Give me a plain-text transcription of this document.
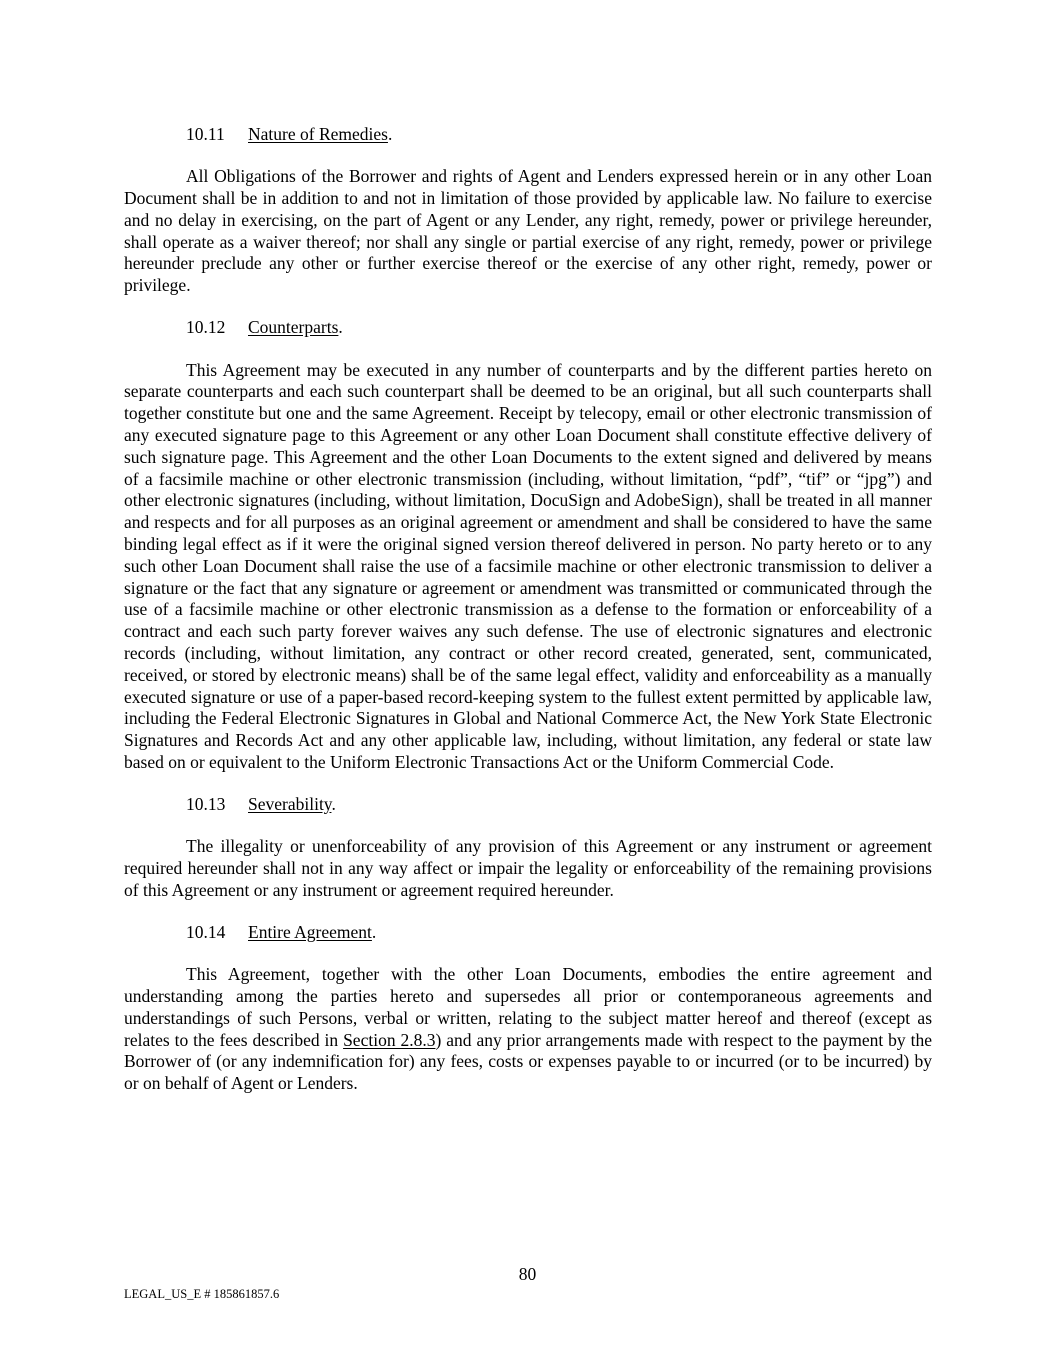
10.11 Nature of Remedies.

All Obligations of the Borrower and rights of Agent and Lenders expressed herein or in any other Loan Document shall be in addition to and not in limitation of those provided by applicable law. No failure to exercise and no delay in exercising, on the part of Agent or any Lender, any right, remedy, power or privilege hereunder, shall operate as a waiver thereof; nor shall any single or partial exercise of any right, remedy, power or privilege hereunder preclude any other or further exercise thereof or the exercise of any other right, remedy, power or privilege.

10.12 Counterparts.

This Agreement may be executed in any number of counterparts and by the different parties hereto on separate counterparts and each such counterpart shall be deemed to be an original, but all such counterparts shall together constitute but one and the same Agreement. Receipt by telecopy, email or other electronic transmission of any executed signature page to this Agreement or any other Loan Document shall constitute effective delivery of such signature page. This Agreement and the other Loan Documents to the extent signed and delivered by means of a facsimile machine or other electronic transmission (including, without limitation, “pdf”, “tif” or “jpg”) and other electronic signatures (including, without limitation, DocuSign and AdobeSign), shall be treated in all manner and respects and for all purposes as an original agreement or amendment and shall be considered to have the same binding legal effect as if it were the original signed version thereof delivered in person. No party hereto or to any such other Loan Document shall raise the use of a facsimile machine or other electronic transmission to deliver a signature or the fact that any signature or agreement or amendment was transmitted or communicated through the use of a facsimile machine or other electronic transmission as a defense to the formation or enforceability of a contract and each such party forever waives any such defense. The use of electronic signatures and electronic records (including, without limitation, any contract or other record created, generated, sent, communicated, received, or stored by electronic means) shall be of the same legal effect, validity and enforceability as a manually executed signature or use of a paper-based record-keeping system to the fullest extent permitted by applicable law, including the Federal Electronic Signatures in Global and National Commerce Act, the New York State Electronic Signatures and Records Act and any other applicable law, including, without limitation, any federal or state law based on or equivalent to the Uniform Electronic Transactions Act or the Uniform Commercial Code.

10.13 Severability.

The illegality or unenforceability of any provision of this Agreement or any instrument or agreement required hereunder shall not in any way affect or impair the legality or enforceability of the remaining provisions of this Agreement or any instrument or agreement required hereunder.

10.14 Entire Agreement.

This Agreement, together with the other Loan Documents, embodies the entire agreement and understanding among the parties hereto and supersedes all prior or contemporaneous agreements and understandings of such Persons, verbal or written, relating to the subject matter hereof and thereof (except as relates to the fees described in Section 2.8.3) and any prior arrangements made with respect to the payment by the Borrower of (or any indemnification for) any fees, costs or expenses payable to or incurred (or to be incurred) by or on behalf of Agent or Lenders.

80
LEGAL_US_E # 185861857.6
